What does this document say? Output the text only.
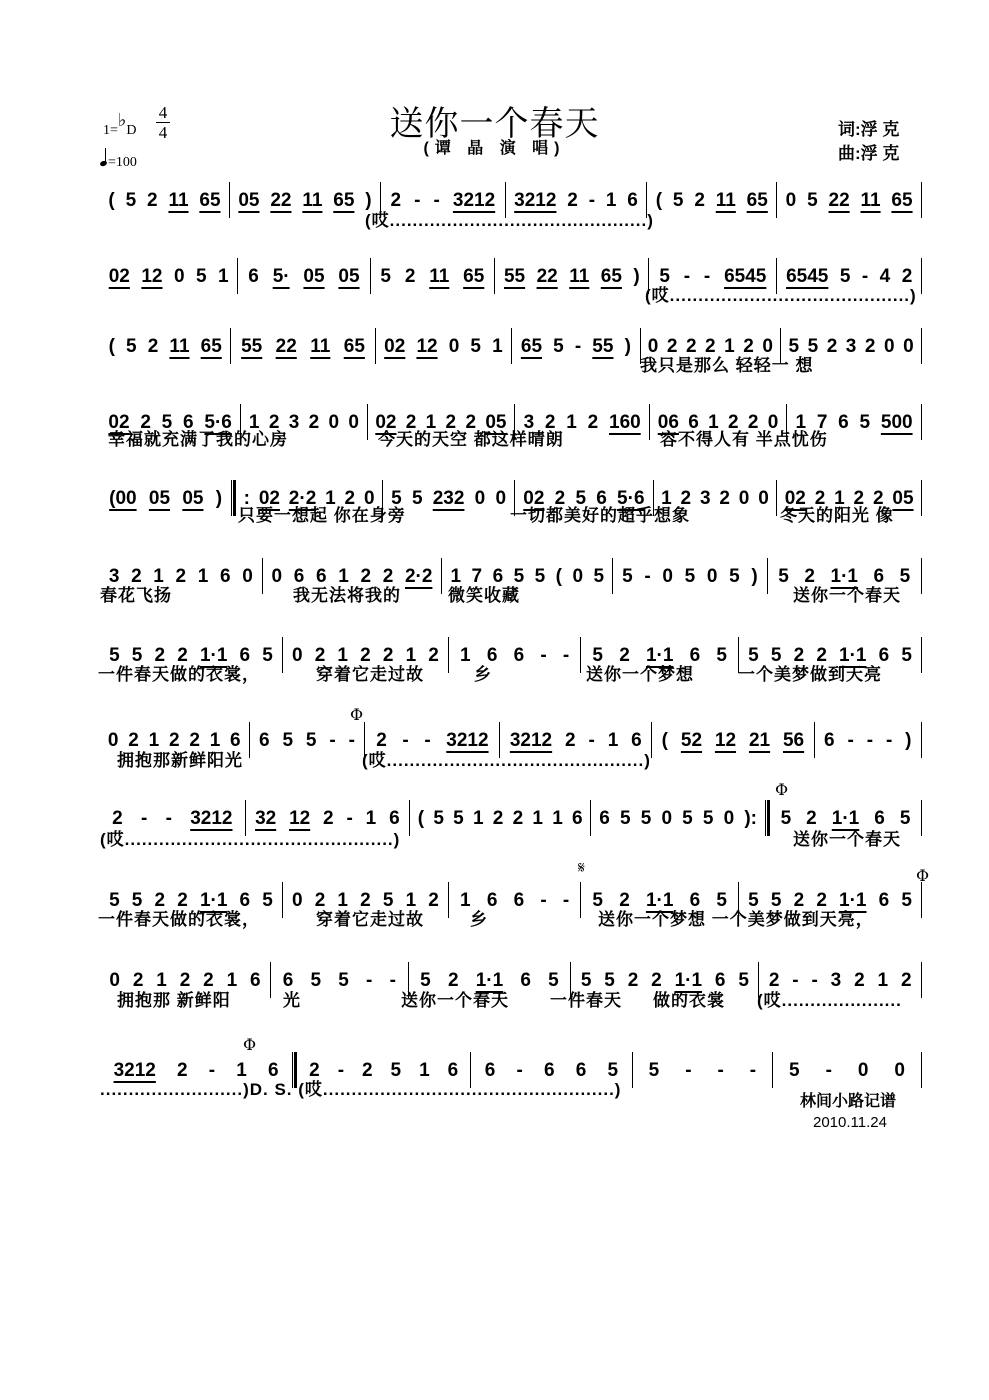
送你一个春天
(谭 晶 演 唱)
1=♭D
4
4
=100
词:浮 克
曲:浮 克
( 5 2 11 65 05 22 11 65 ) 2 - - 3212 3212 2 - 1 6 ( 5 2 11 65 0 5 22 11 65
02 12 0 5 1 6 5· 05 05 5 2 11 65 55 22 11 65 ) 5 - - 6545 6545 5 - 4 2
( 5 2 11 65 55 22 11 65 02 12 0 5 1 65 5 - 55 ) 0 2 2 2 1 2 0 5 5 2 3 2 0 0
02 2 5 6 5·6 1 2 3 2 0 0 02 2 1 2 2 05 3 2 1 2 160 06 6 1 2 2 0 1 7 6 5 500
(00 05 05 ) : 02 2·2 1 2 0 5 5 232 0 0 02 2 5 6 5·6 1 2 3 2 0 0 02 2 1 2 2 05
3 2 1 2 1 6 0 0 6 6 1 2 2 2·2 1 7 6 5 5 ( 0 5 5 - 0 5 0 5 ) 5 2 1·1 6 5
5 5 2 2 1·1 6 5 0 2 1 2 2 1 2 1 6 6 - - 5 2 1·1 6 5 5 5 2 2 1·1 6 5
0 2 1 2 2 1 6 6 5 5 - - 2 - - 3212 3212 2 - 1 6 ( 52 12 21 56 6 - - - )
2 - - 3212 32 12 2 - 1 6 ( 5 5 1 2 2 1 1 6 6 5 5 0 5 5 0 ): 5 2 1·1 6 5
5 5 2 2 1·1 6 5 0 2 1 2 5 1 2 1 6 6 - - 5 2 1·1 6 5 5 5 2 2 1·1 6 5
0 2 1 2 2 1 6 6 5 5 - - 5 2 1·1 6 5 5 5 2 2 1·1 6 5 2 - - 3 2 1 2
3212 2 - 1 6 2 - 2 5 1 6 6 - 6 6 5 5 - - - 5 - 0 0
(哎.............................................)
(哎..........................................)
我只是那么 轻轻一 想
幸福就充满了我的心房	今天的天空 都这样晴朗	容不得人有 半点忧伤
只要一想起 你在身旁	一切都美好的超乎想象	冬天的阳光 像
春花飞扬	我无法将我的	微笑收藏	送你一个春天
一件春天做的衣裳，	穿着它走过故	乡	送你一个梦想	一个美梦做到天亮
拥抱那新鲜阳光	(哎.............................................)
(哎...............................................)	送你一个春天
一件春天做的衣裳，	穿着它走过故	乡	送你一个梦想 一个美梦做到天亮，
拥抱那 新鲜阳	光	送你一个春天 一件春天 做的衣裳 (哎.....................
.........................)D. S. (哎...................................................)
Φ
Φ
𝄋	Φ
Φ
林间小路记谱
2010.11.24
